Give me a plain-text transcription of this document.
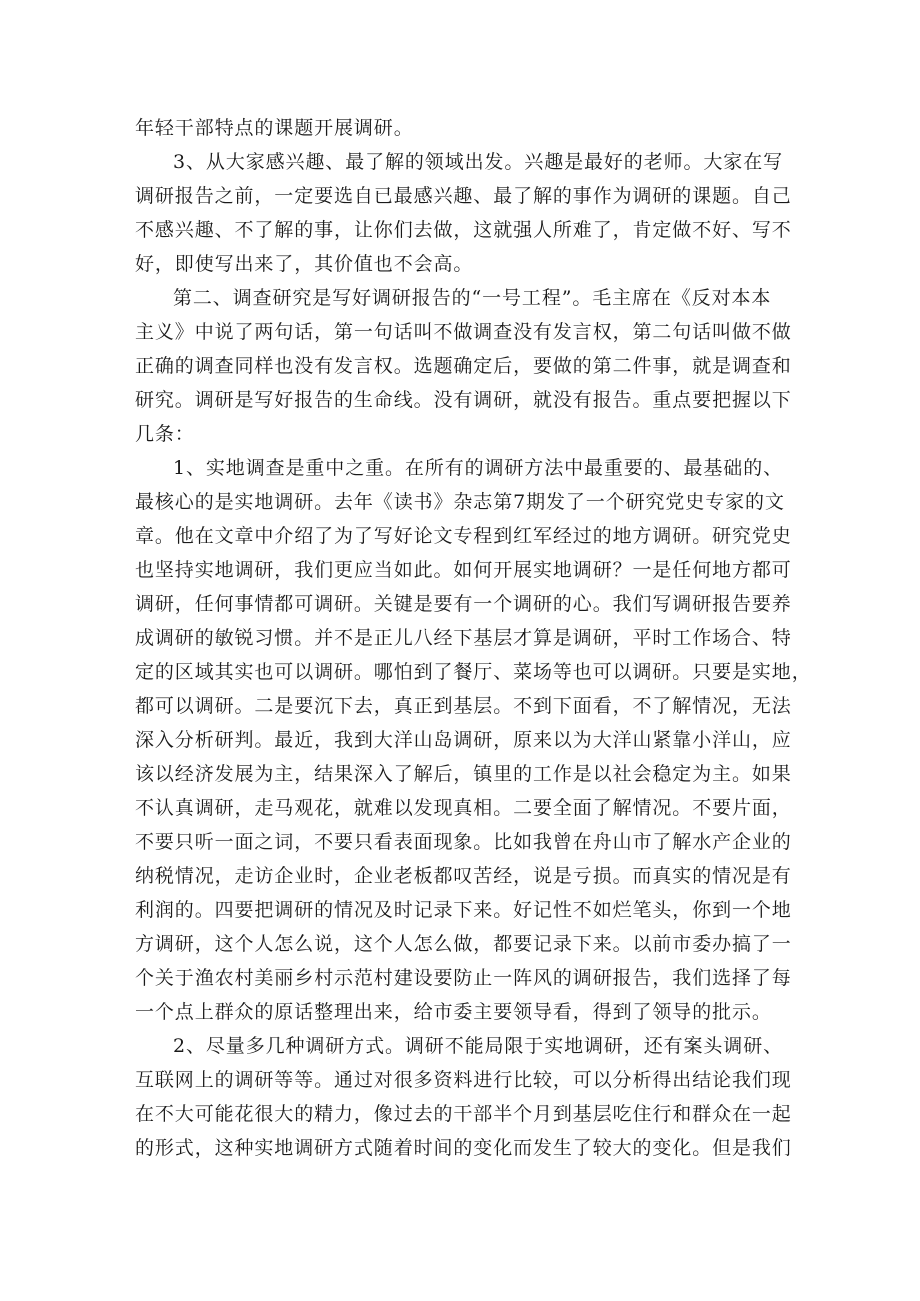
年轻干部特点的课题开展调研。
3、从大家感兴趣、最了解的领域出发。兴趣是最好的老师。大家在写
调研报告之前，一定要选自已最感兴趣、最了解的事作为调研的课题。自己
不感兴趣、不了解的事，让你们去做，这就强人所难了，肯定做不好、写不
好，即使写出来了，其价值也不会高。
第二、调查研究是写好调研报告的“一号工程”。毛主席在《反对本本
主义》中说了两句话，第一句话叫不做调查没有发言权，第二句话叫做不做
正确的调查同样也没有发言权。选题确定后，要做的第二件事，就是调查和
研究。调研是写好报告的生命线。没有调研，就没有报告。重点要把握以下
几条：
1、实地调查是重中之重。在所有的调研方法中最重要的、最基础的、
最核心的是实地调研。去年《读书》杂志第7期发了一个研究党史专家的文
章。他在文章中介绍了为了写好论文专程到红军经过的地方调研。研究党史
也坚持实地调研，我们更应当如此。如何开展实地调研？一是任何地方都可
调研，任何事情都可调研。关键是要有一个调研的心。我们写调研报告要养
成调研的敏锐习惯。并不是正儿八经下基层才算是调研，平时工作场合、特
定的区域其实也可以调研。哪怕到了餐厅、菜场等也可以调研。只要是实地，
都可以调研。二是要沉下去，真正到基层。不到下面看，不了解情况，无法
深入分析研判。最近，我到大洋山岛调研，原来以为大洋山紧靠小洋山，应
该以经济发展为主，结果深入了解后，镇里的工作是以社会稳定为主。如果
不认真调研，走马观花，就难以发现真相。二要全面了解情况。不要片面，
不要只听一面之词，不要只看表面现象。比如我曾在舟山市了解水产企业的
纳税情况，走访企业时，企业老板都叹苦经，说是亏损。而真实的情况是有
利润的。四要把调研的情况及时记录下来。好记性不如烂笔头，你到一个地
方调研，这个人怎么说，这个人怎么做，都要记录下来。以前市委办搞了一
个关于渔农村美丽乡村示范村建设要防止一阵风的调研报告，我们选择了每
一个点上群众的原话整理出来，给市委主要领导看，得到了领导的批示。
2、尽量多几种调研方式。调研不能局限于实地调研，还有案头调研、
互联网上的调研等等。通过对很多资料进行比较，可以分析得出结论我们现
在不大可能花很大的精力，像过去的干部半个月到基层吃住行和群众在一起
的形式，这种实地调研方式随着时间的变化而发生了较大的变化。但是我们
